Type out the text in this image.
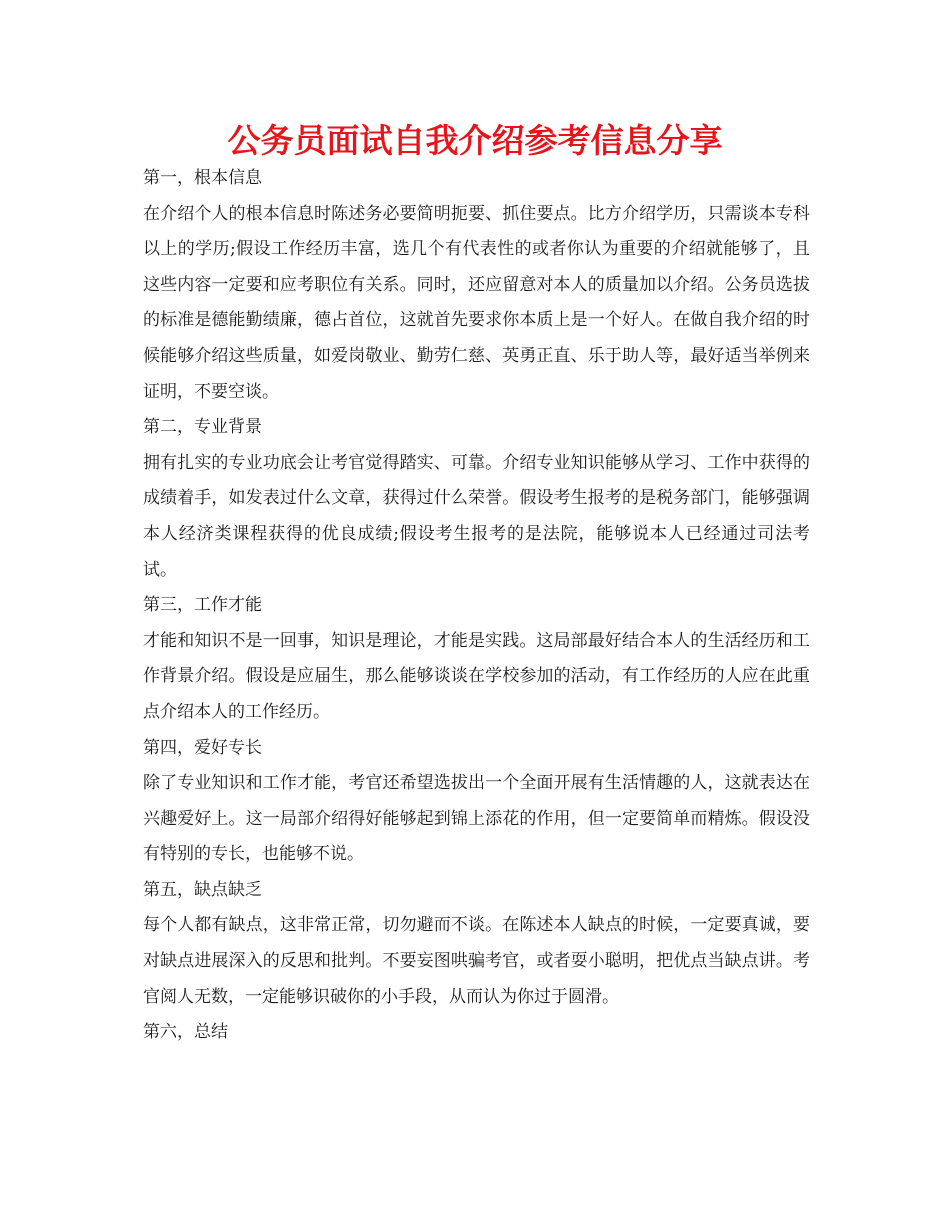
公务员面试自我介绍参考信息分享

第一，根本信息

在介绍个人的根本信息时陈述务必要简明扼要、抓住要点。比方介绍学历，只需谈本专科以上的学历;假设工作经历丰富，选几个有代表性的或者你认为重要的介绍就能够了，且这些内容一定要和应考职位有关系。同时，还应留意对本人的质量加以介绍。公务员选拔的标准是德能勤绩廉，德占首位，这就首先要求你本质上是一个好人。在做自我介绍的时候能够介绍这些质量，如爱岗敬业、勤劳仁慈、英勇正直、乐于助人等，最好适当举例来证明，不要空谈。

第二，专业背景

拥有扎实的专业功底会让考官觉得踏实、可靠。介绍专业知识能够从学习、工作中获得的成绩着手，如发表过什么文章，获得过什么荣誉。假设考生报考的是税务部门，能够强调本人经济类课程获得的优良成绩;假设考生报考的是法院，能够说本人已经通过司法考试。

第三，工作才能

才能和知识不是一回事，知识是理论，才能是实践。这局部最好结合本人的生活经历和工作背景介绍。假设是应届生，那么能够谈谈在学校参加的活动，有工作经历的人应在此重点介绍本人的工作经历。

第四，爱好专长

除了专业知识和工作才能，考官还希望选拔出一个全面开展有生活情趣的人，这就表达在兴趣爱好上。这一局部介绍得好能够起到锦上添花的作用，但一定要简单而精炼。假设没有特别的专长，也能够不说。

第五，缺点缺乏

每个人都有缺点，这非常正常，切勿避而不谈。在陈述本人缺点的时候，一定要真诚，要对缺点进展深入的反思和批判。不要妄图哄骗考官，或者耍小聪明，把优点当缺点讲。考官阅人无数，一定能够识破你的小手段，从而认为你过于圆滑。

第六，总结
